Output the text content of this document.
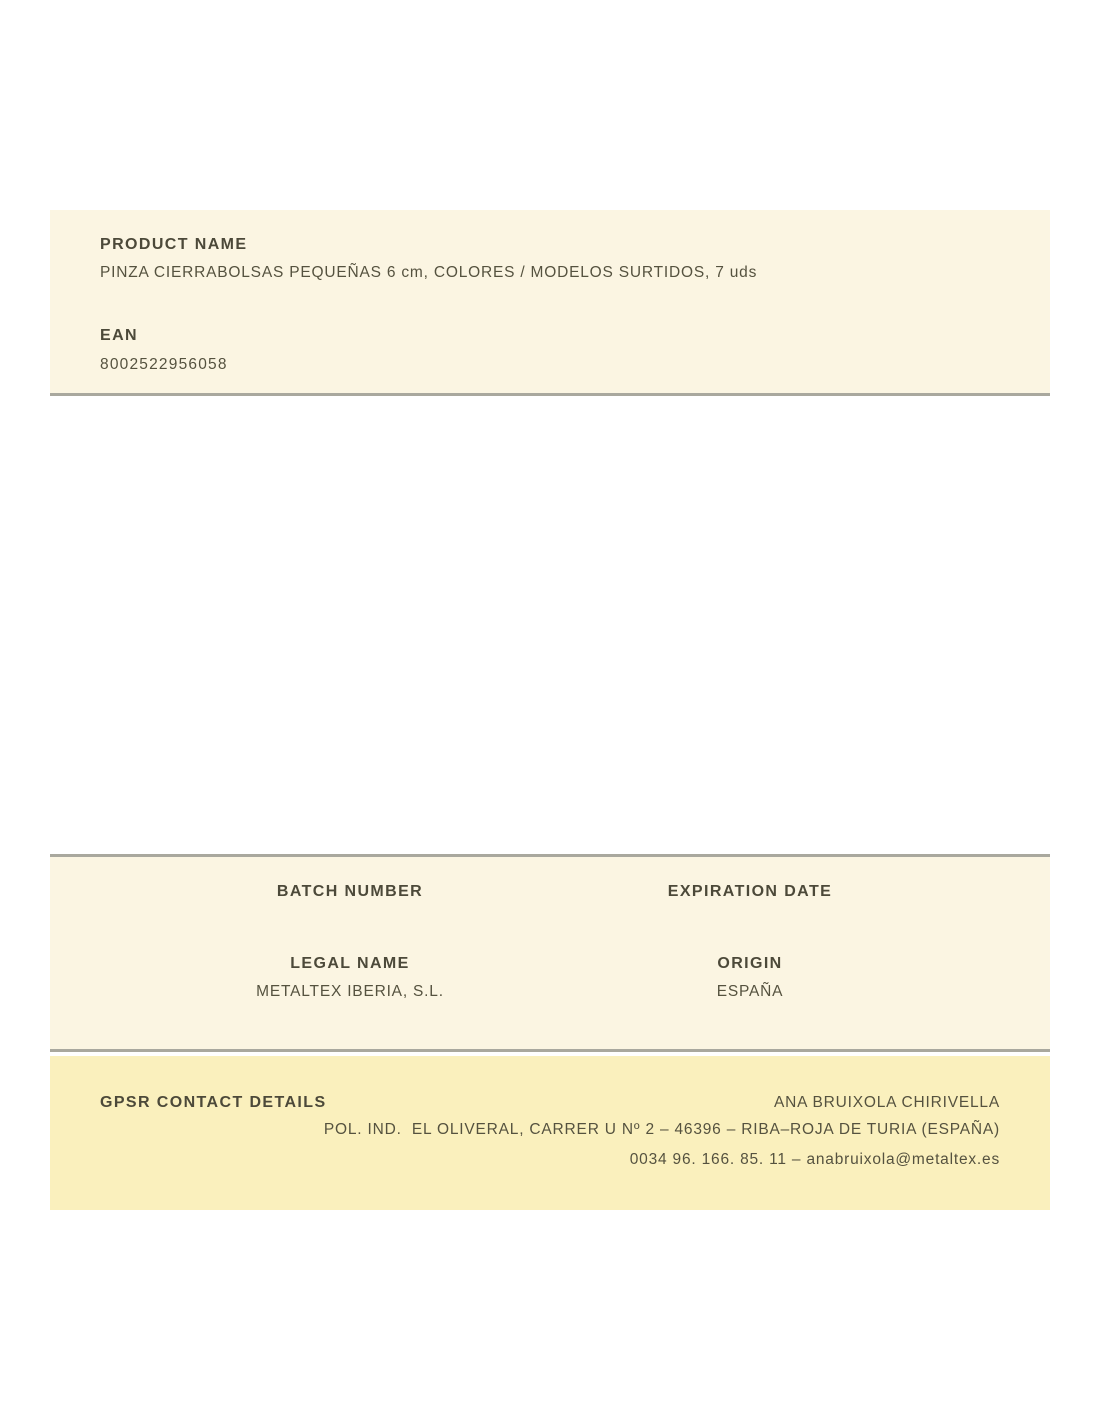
PRODUCT NAME
PINZA CIERRABOLSAS PEQUEÑAS 6 cm, COLORES / MODELOS SURTIDOS, 7 uds
EAN
8002522956058
BATCH NUMBER	EXPIRATION DATE
LEGAL NAME
METALTEX IBERIA, S.L.
ORIGIN
ESPAÑA
GPSR CONTACT DETAILS	ANA BRUIXOLA CHIRIVELLA
POL. IND.  EL OLIVERAL, CARRER U Nº 2 – 46396 – RIBA–ROJA DE TURIA (ESPAÑA)
0034 96. 166. 85. 11 – anabruixola@metaltex.es
